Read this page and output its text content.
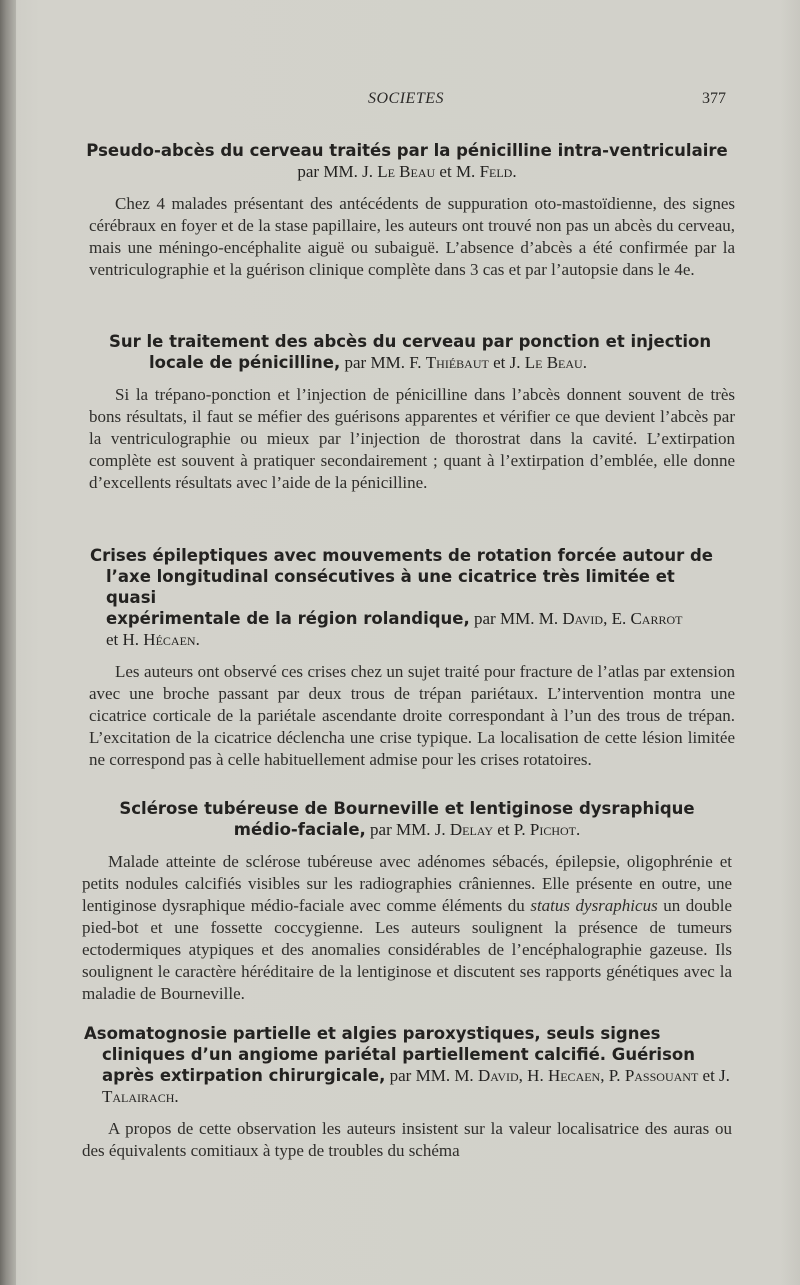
SOCIETES	377
Pseudo-abcès du cerveau traités par la pénicilline intra-ventriculaire
par MM. J. Le Beau et M. Feld.
Chez 4 malades présentant des antécédents de suppuration oto-mastoïdienne, des signes cérébraux en foyer et de la stase papillaire, les auteurs ont trouvé non pas un abcès du cerveau, mais une méningo-encéphalite aiguë ou subaiguë. L’absence d’abcès a été confirmée par la ventriculographie et la guérison clinique complète dans 3 cas et par l’autopsie dans le 4e.
Sur le traitement des abcès du cerveau par ponction et injection
locale de pénicilline, par MM. F. Thiébaut et J. Le Beau.
Si la trépano-ponction et l’injection de pénicilline dans l’abcès donnent souvent de très bons résultats, il faut se méfier des guérisons apparentes et vérifier ce que devient l’abcès par la ventriculographie ou mieux par l’injection de thorostrat dans la cavité. L’extirpation complète est souvent à pratiquer secondairement ; quant à l’extirpation d’emblée, elle donne d’excellents résultats avec l’aide de la pénicilline.
Crises épileptiques avec mouvements de rotation forcée autour de
l’axe longitudinal consécutives à une cicatrice très limitée et quasi
expérimentale de la région rolandique, par MM. M. David, E. Carrot
et H. Hécaen.
Les auteurs ont observé ces crises chez un sujet traité pour fracture de l’atlas par extension avec une broche passant par deux trous de trépan pariétaux. L’intervention montra une cicatrice corticale de la pariétale ascendante droite correspondant à l’un des trous de trépan. L’excitation de la cicatrice déclencha une crise typique. La localisation de cette lésion limitée ne correspond pas à celle habituellement admise pour les crises rotatoires.
Sclérose tubéreuse de Bourneville et lentiginose dysraphique
médio-faciale, par MM. J. Delay et P. Pichot.
Malade atteinte de sclérose tubéreuse avec adénomes sébacés, épilepsie, oligophrénie et petits nodules calcifiés visibles sur les radiographies crâniennes. Elle présente en outre, une lentiginose dysraphique médio-faciale avec comme éléments du status dysraphicus un double pied-bot et une fossette coccygienne. Les auteurs soulignent la présence de tumeurs ectodermiques atypiques et des anomalies considérables de l’encéphalographie gazeuse. Ils soulignent le caractère héréditaire de la lentiginose et discutent ses rapports génétiques avec la maladie de Bourneville.
Asomatognosie partielle et algies paroxystiques, seuls signes cliniques d’un angiome pariétal partiellement calcifié. Guérison après extirpation chirurgicale, par MM. M. David, H. Hecaen, P. Passouant et J. Talairach.
A propos de cette observation les auteurs insistent sur la valeur localisatrice des auras ou des équivalents comitiaux à type de troubles du schéma
